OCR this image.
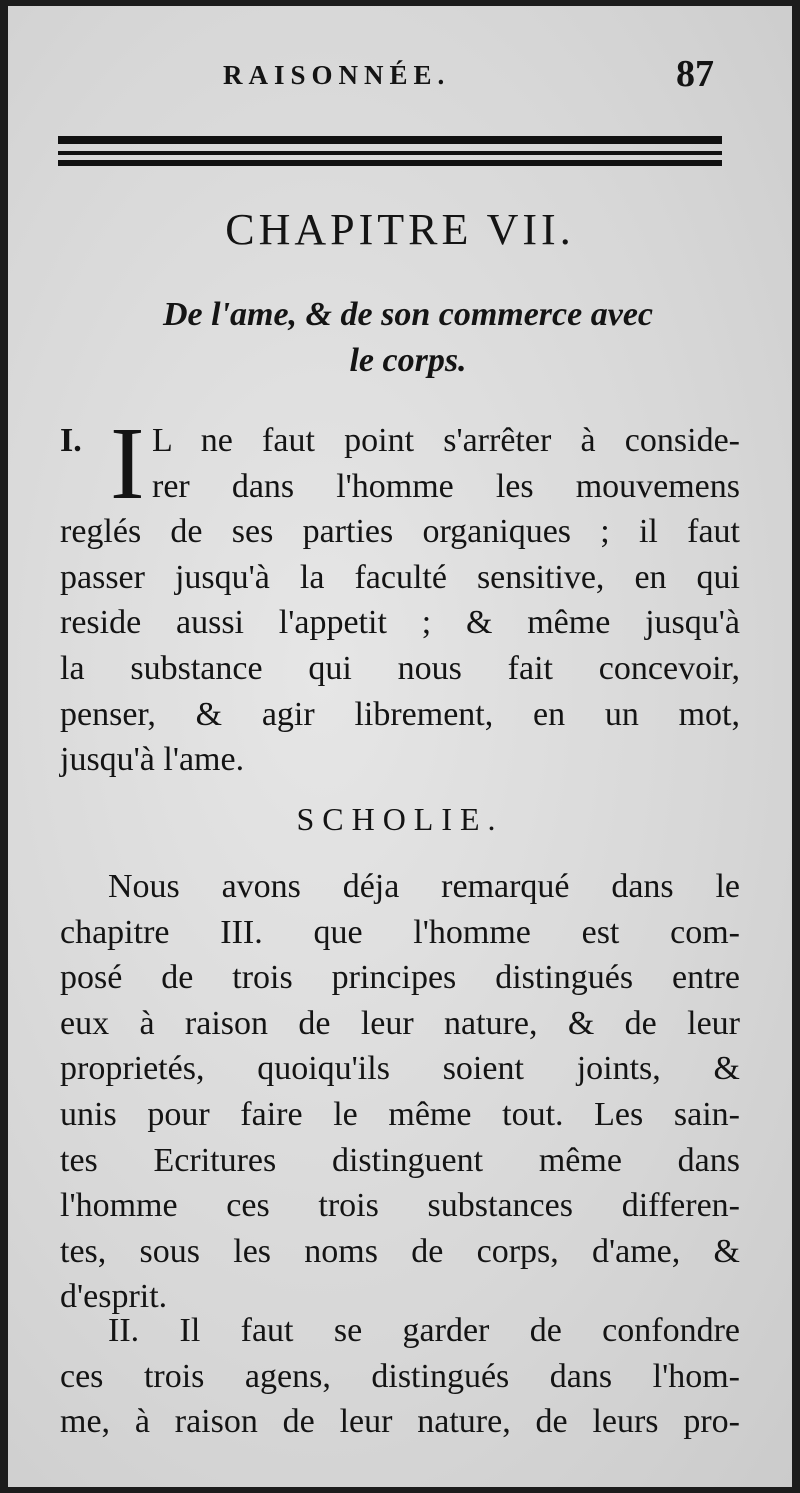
RAISONNÉE.	87
CHAPITRE VII.
De l'ame, & de son commerce avec
le corps.
I. I L ne faut point s'arrêter à conside-
rer dans l'homme les mouvemens
reglés de ses parties organiques ; il faut
passer jusqu'à la faculté sensitive, en qui
reside aussi l'appetit ; & même jusqu'à
la substance qui nous fait concevoir,
penser, & agir librement, en un mot,
jusqu'à l'ame.
SCHOLIE.
Nous avons déja remarqué dans le
chapitre III. que l'homme est com-
posé de trois principes distingués entre
eux à raison de leur nature, & de leur
proprietés, quoiqu'ils soient joints, &
unis pour faire le même tout. Les sain-
tes Ecritures distinguent même dans
l'homme ces trois substances differen-
tes, sous les noms de corps, d'ame, &
d'esprit.
II. Il faut se garder de confondre
ces trois agens, distingués dans l'hom-
me, à raison de leur nature, de leurs pro-
